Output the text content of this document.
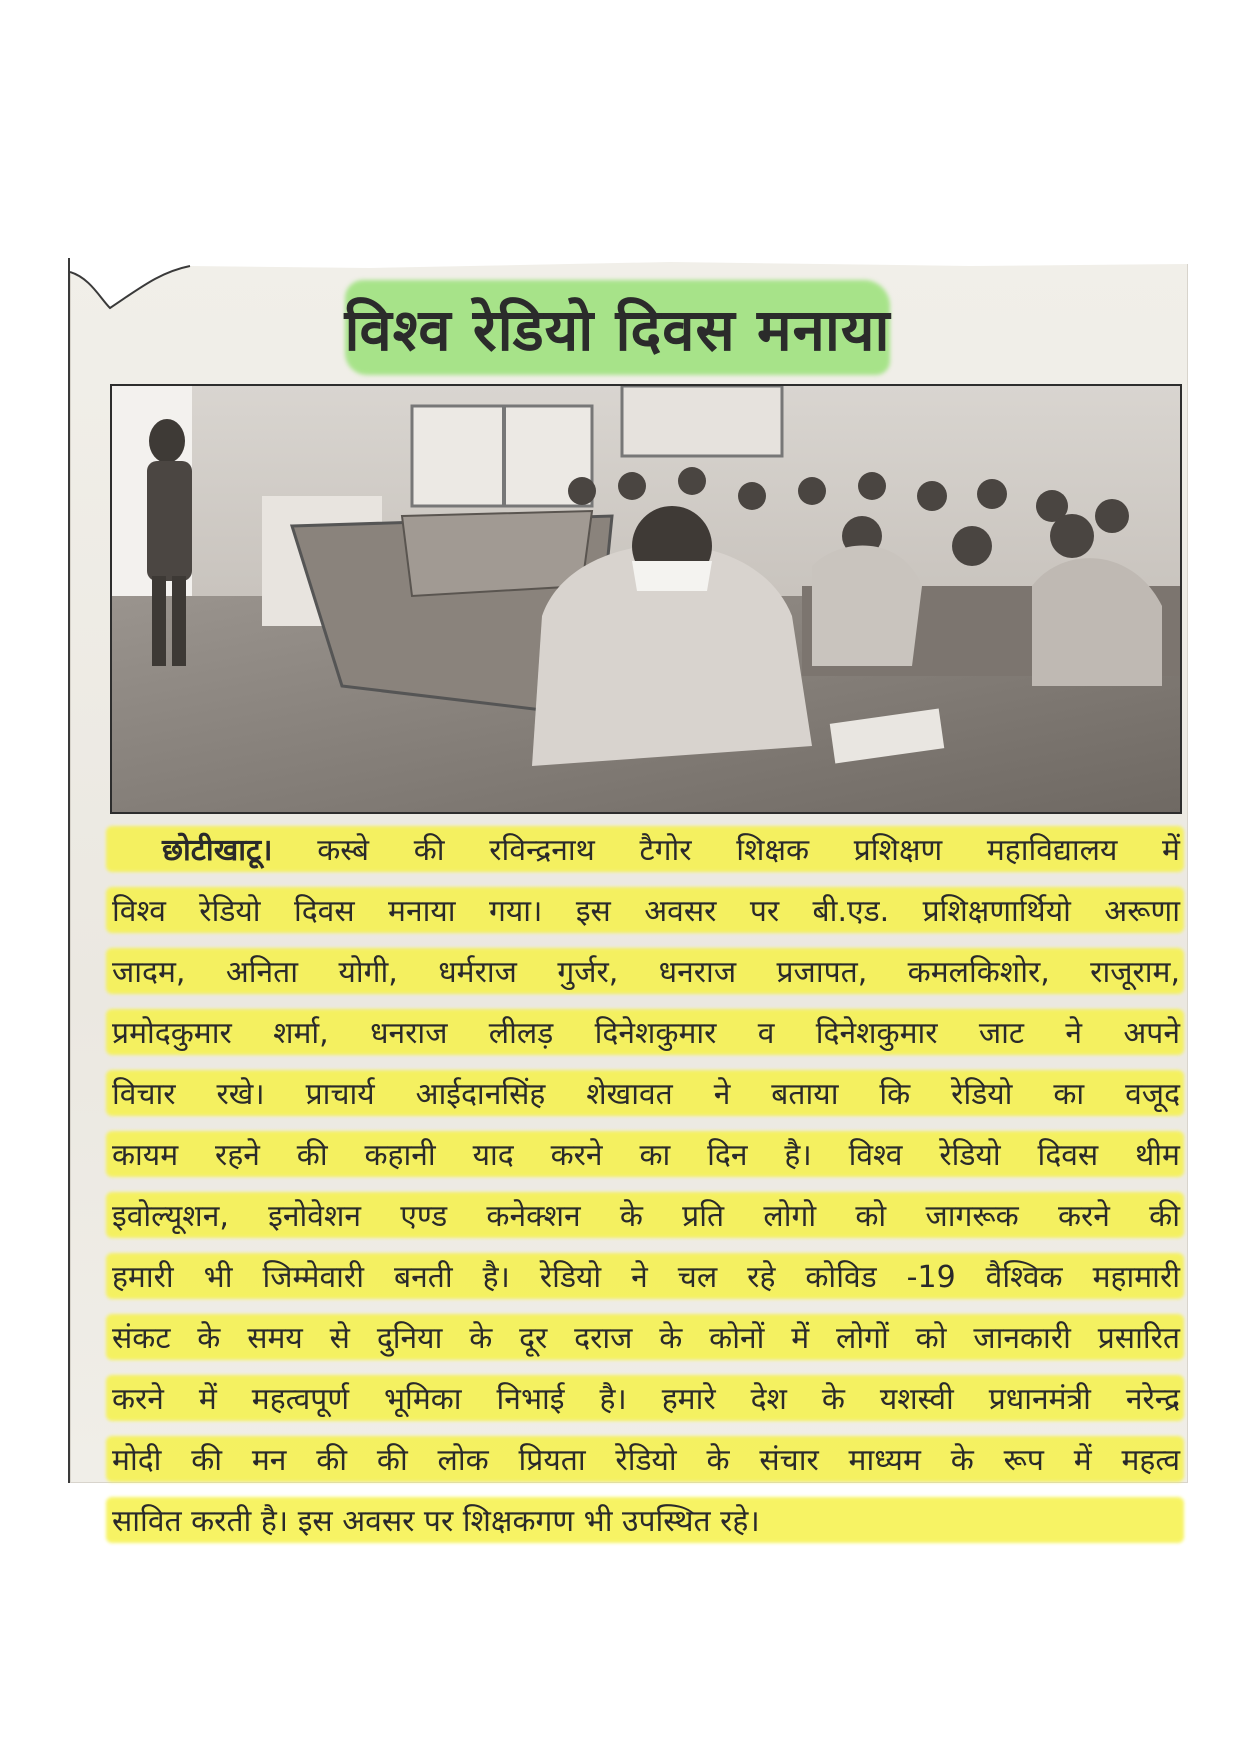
विश्व रेडियो दिवस मनाया
छोटीखाटू। कस्बे की रविन्द्रनाथ टैगोर शिक्षक प्रशिक्षण महाविद्यालय में
विश्व रेडियो दिवस मनाया गया। इस अवसर पर बी.एड. प्रशिक्षणार्थियो अरूणा
जादम, अनिता योगी, धर्मराज गुर्जर, धनराज प्रजापत, कमलकिशोर, राजूराम,
प्रमोदकुमार शर्मा, धनराज लीलड़ दिनेशकुमार व दिनेशकुमार जाट ने अपने
विचार रखे। प्राचार्य आईदानसिंह शेखावत ने बताया कि रेडियो का वजूद
कायम रहने की कहानी याद करने का दिन है। विश्व रेडियो दिवस थीम
इवोल्यूशन, इनोवेशन एण्ड कनेक्शन के प्रति लोगो को जागरूक करने की
हमारी भी जिम्मेवारी बनती है। रेडियो ने चल रहे कोविड -19 वैश्विक महामारी
संकट के समय से दुनिया के दूर दराज के कोनों में लोगों को जानकारी प्रसारित
करने में महत्वपूर्ण भूमिका निभाई है। हमारे देश के यशस्वी प्रधानमंत्री नरेन्द्र
मोदी की मन की की लोक प्रियता रेडियो के संचार माध्यम के रूप में महत्व
सावित करती है। इस अवसर पर शिक्षकगण भी उपस्थित रहे।
